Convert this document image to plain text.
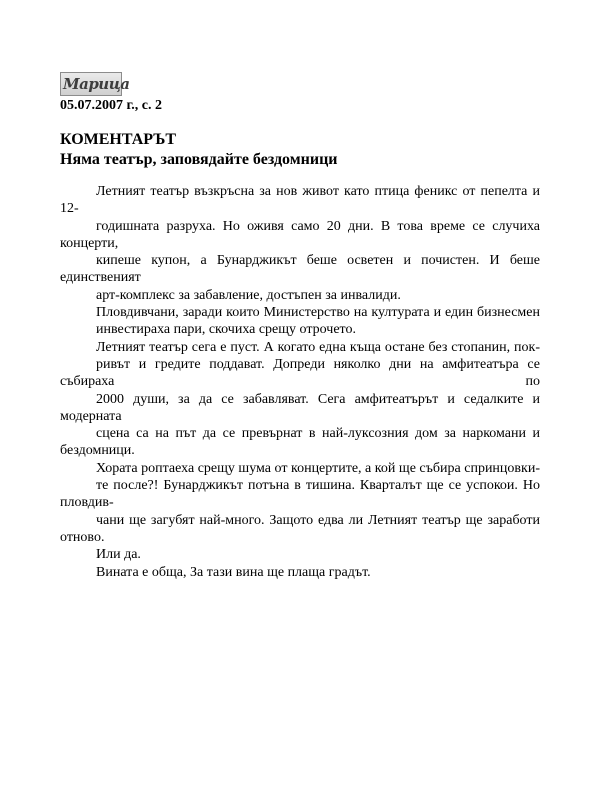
Марица

05.07.2007 г., с. 2

КОМЕНТАРЪТ
Няма театър, заповядайте бездомници

Летният театър възкръсна за нов живот като птица феникс от пепелта и 12-
годишната разруха. Но оживя само 20 дни. В това време се случиха концерти,
кипеше купон, а Бунарджикът беше осветен и почистен. И беше единственият
арт-комплекс за забавление, достъпен за инвалиди.

Пловдивчани, заради които Министерство на културата и един бизнесмен
инвестираха пари, скочиха срещу отрочето.

Летният театър сега е пуст. А когато една къща остане без стопанин, пок-
ривът и гредите поддават. Допреди няколко дни на амфитеатъра се събираха по
2000 души, за да се забавляват. Сега амфитеатърът и седалките и модерната
сцена са на път да се превърнат в най-луксозния дом за наркомани и бездомници.

Хората роптаеха срещу шума от концертите, а кой ще събира спринцовки-
те после?! Бунарджикът потъна в тишина. Кварталът ще се успокои. Но пловдив-
чани ще загубят най-много. Защото едва ли Летният театър ще заработи отново.
Или да.

Вината е обща, За тази вина ще плаща градът.
